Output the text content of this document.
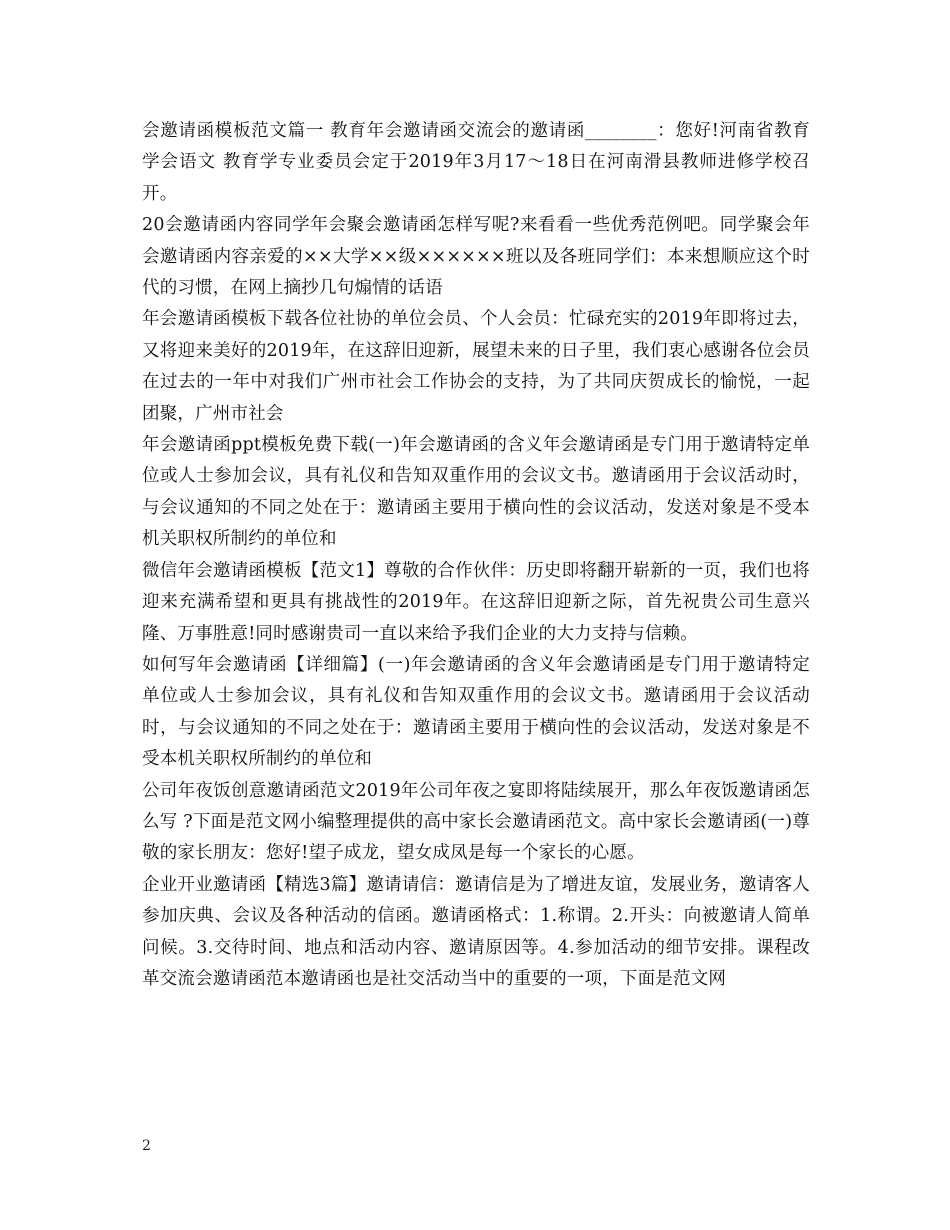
会邀请函模板范文篇一 教育年会邀请函交流会的邀请函________：您好!河南省教育学会语文 教育学专业委员会定于2019年3月17～18日在河南滑县教师进修学校召开。

20会邀请函内容同学年会聚会邀请函怎样写呢?来看看一些优秀范例吧。同学聚会年会邀请函内容亲爱的××大学××级××××××班以及各班同学们：本来想顺应这个时代的习惯，在网上摘抄几句煽情的话语

年会邀请函模板下载各位社协的单位会员、个人会员：忙碌充实的2019年即将过去，又将迎来美好的2019年，在这辞旧迎新，展望未来的日子里，我们衷心感谢各位会员在过去的一年中对我们广州市社会工作协会的支持，为了共同庆贺成长的愉悦，一起团聚，广州市社会

年会邀请函ppt模板免费下载(一)年会邀请函的含义年会邀请函是专门用于邀请特定单位或人士参加会议，具有礼仪和告知双重作用的会议文书。邀请函用于会议活动时，与会议通知的不同之处在于：邀请函主要用于横向性的会议活动，发送对象是不受本机关职权所制约的单位和

微信年会邀请函模板【范文1】尊敬的合作伙伴：历史即将翻开崭新的一页，我们也将迎来充满希望和更具有挑战性的2019年。在这辞旧迎新之际，首先祝贵公司生意兴隆、万事胜意!同时感谢贵司一直以来给予我们企业的大力支持与信赖。

如何写年会邀请函【详细篇】(一)年会邀请函的含义年会邀请函是专门用于邀请特定单位或人士参加会议，具有礼仪和告知双重作用的会议文书。邀请函用于会议活动时，与会议通知的不同之处在于：邀请函主要用于横向性的会议活动，发送对象是不受本机关职权所制约的单位和

公司年夜饭创意邀请函范文2019年公司年夜之宴即将陆续展开，那么年夜饭邀请函怎么写 ?下面是范文网小编整理提供的高中家长会邀请函范文。高中家长会邀请函(一)尊敬的家长朋友：您好!望子成龙，望女成凤是每一个家长的心愿。

企业开业邀请函【精选3篇】邀请请信：邀请信是为了增进友谊，发展业务，邀请客人参加庆典、会议及各种活动的信函。邀请函格式：1.称谓。2.开头：向被邀请人简单问候。3.交待时间、地点和活动内容、邀请原因等。4.参加活动的细节安排。课程改革交流会邀请函范本邀请函也是社交活动当中的重要的一项，下面是范文网

2
